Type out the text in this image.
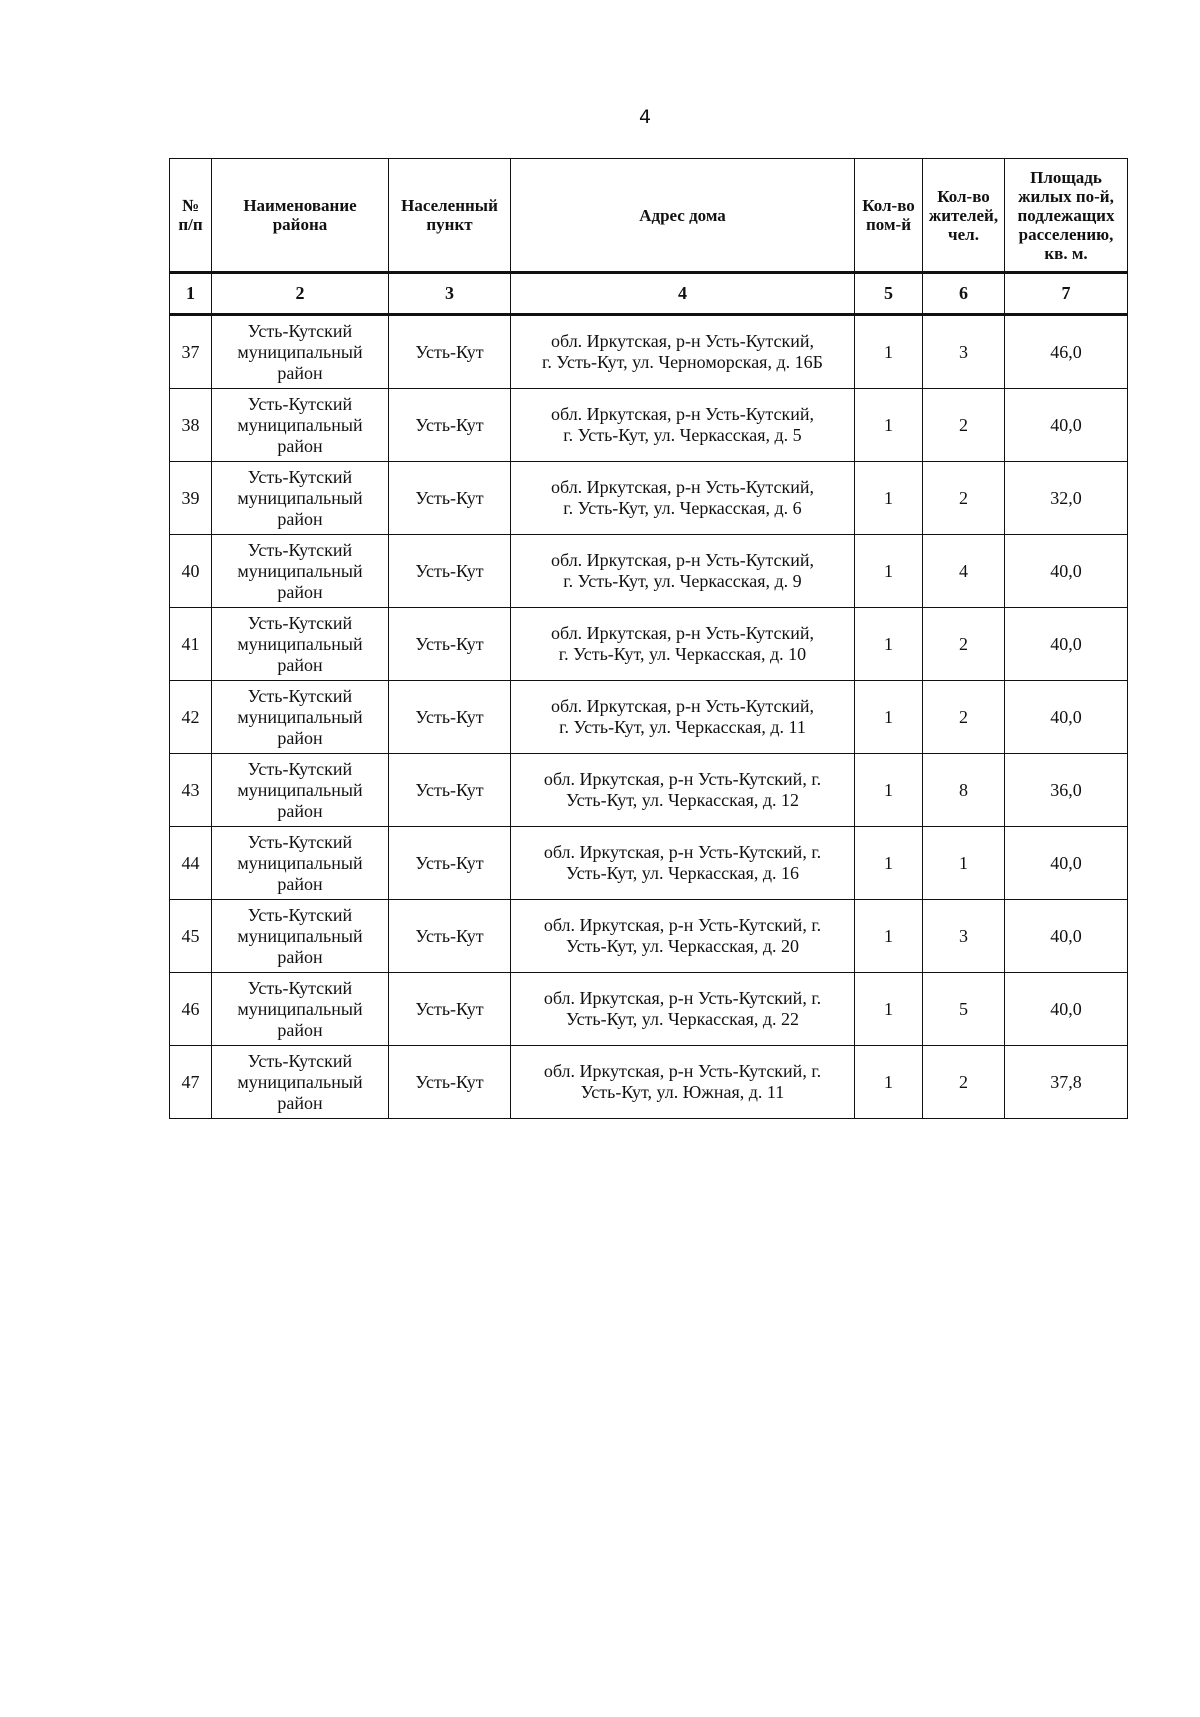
4
№
п/п	Наименование
района	Населенный
пункт	Адрес дома	Кол-во
пом-й	Кол-во
жителей,
чел.	Площадь
жилых по-й,
подлежащих
расселению,
кв. м.
1	2	3	4	5	6	7
37	Усть-Кутский
муниципальный
район	Усть-Кут	обл. Иркутская, р-н Усть-Кутский,
г. Усть-Кут, ул. Черноморская, д. 16Б	1	3	46,0
38	Усть-Кутский
муниципальный
район	Усть-Кут	обл. Иркутская, р-н Усть-Кутский,
г. Усть-Кут, ул. Черкасская, д. 5	1	2	40,0
39	Усть-Кутский
муниципальный
район	Усть-Кут	обл. Иркутская, р-н Усть-Кутский,
г. Усть-Кут, ул. Черкасская, д. 6	1	2	32,0
40	Усть-Кутский
муниципальный
район	Усть-Кут	обл. Иркутская, р-н Усть-Кутский,
г. Усть-Кут, ул. Черкасская, д. 9	1	4	40,0
41	Усть-Кутский
муниципальный
район	Усть-Кут	обл. Иркутская, р-н Усть-Кутский,
г. Усть-Кут, ул. Черкасская, д. 10	1	2	40,0
42	Усть-Кутский
муниципальный
район	Усть-Кут	обл. Иркутская, р-н Усть-Кутский,
г. Усть-Кут, ул. Черкасская, д. 11	1	2	40,0
43	Усть-Кутский
муниципальный
район	Усть-Кут	обл. Иркутская, р-н Усть-Кутский, г.
Усть-Кут, ул. Черкасская, д. 12	1	8	36,0
44	Усть-Кутский
муниципальный
район	Усть-Кут	обл. Иркутская, р-н Усть-Кутский, г.
Усть-Кут, ул. Черкасская, д. 16	1	1	40,0
45	Усть-Кутский
муниципальный
район	Усть-Кут	обл. Иркутская, р-н Усть-Кутский, г.
Усть-Кут, ул. Черкасская, д. 20	1	3	40,0
46	Усть-Кутский
муниципальный
район	Усть-Кут	обл. Иркутская, р-н Усть-Кутский, г.
Усть-Кут, ул. Черкасская, д. 22	1	5	40,0
47	Усть-Кутский
муниципальный
район	Усть-Кут	обл. Иркутская, р-н Усть-Кутский, г.
Усть-Кут, ул. Южная, д. 11	1	2	37,8
